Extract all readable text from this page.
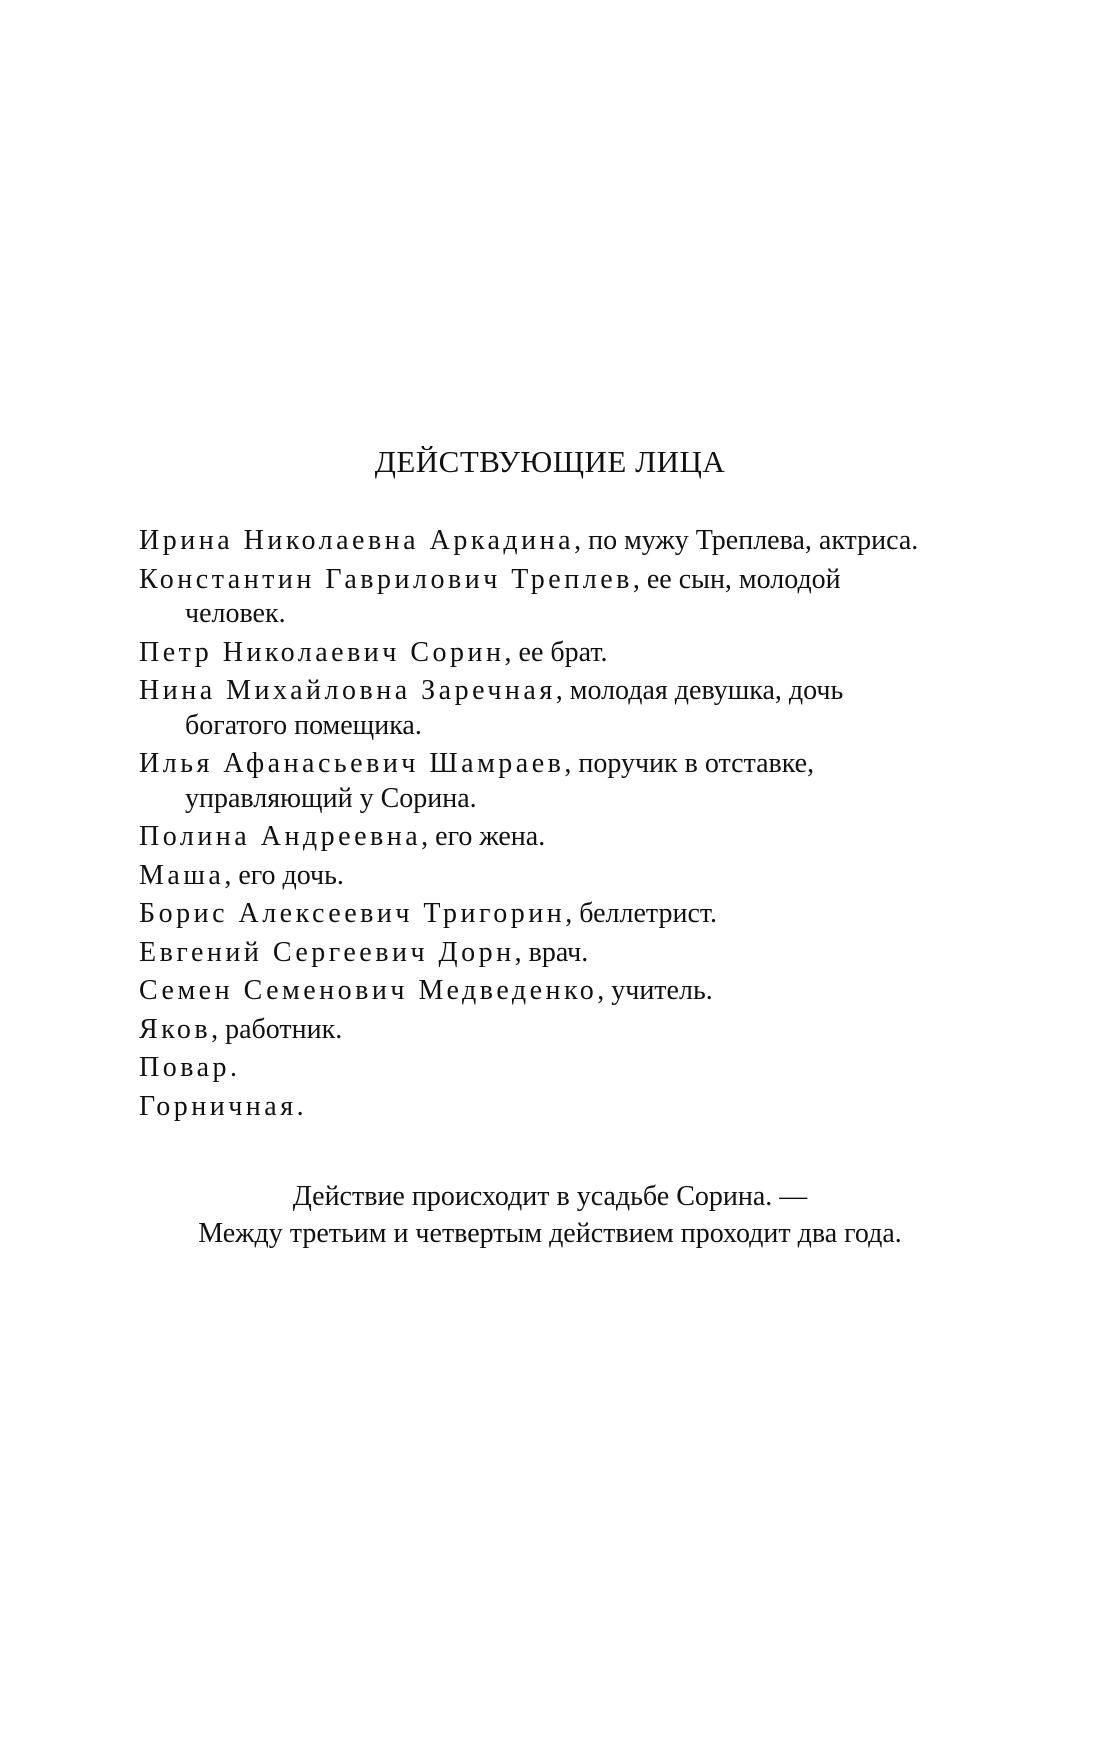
ДЕЙСТВУЮЩИЕ ЛИЦА
Ирина Николаевна Аркадина, по мужу Треплева, актриса.
Константин Гаврилович Треплев, ее сын, молодой человек.
Петр Николаевич Сорин, ее брат.
Нина Михайловна Заречная, молодая девушка, дочь богатого помещика.
Илья Афанасьевич Шамраев, поручик в отставке, управляющий у Сорина.
Полина Андреевна, его жена.
Маша, его дочь.
Борис Алексеевич Тригорин, беллетрист.
Евгений Сергеевич Дорн, врач.
Семен Семенович Медведенко, учитель.
Яков, работник.
Повар.
Горничная.

Действие происходит в усадьбе Сорина. —
Между третьим и четвертым действием проходит два года.
